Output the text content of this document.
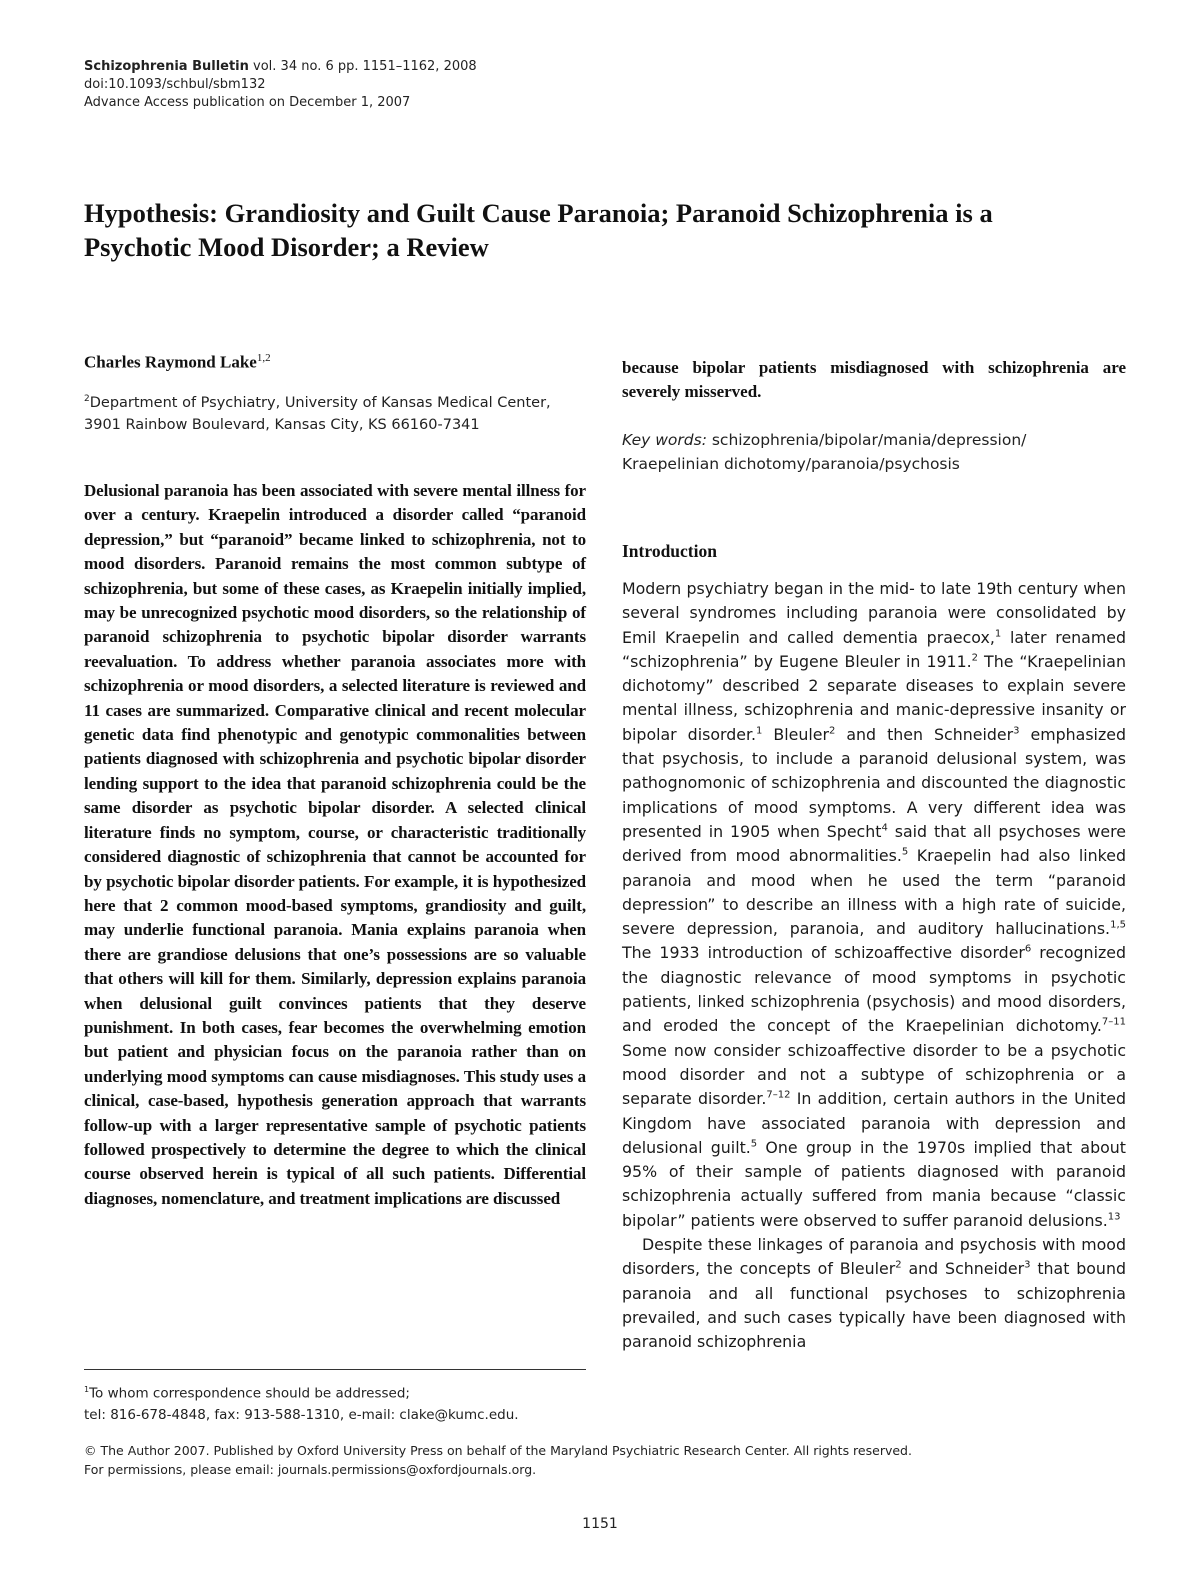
Schizophrenia Bulletin vol. 34 no. 6 pp. 1151–1162, 2008
doi:10.1093/schbul/sbm132
Advance Access publication on December 1, 2007
Hypothesis: Grandiosity and Guilt Cause Paranoia; Paranoid Schizophrenia is a Psychotic Mood Disorder; a Review
Charles Raymond Lake$^{1,2}$
$^2$Department of Psychiatry, University of Kansas Medical Center, 3901 Rainbow Boulevard, Kansas City, KS 66160-7341
Delusional paranoia has been associated with severe mental illness for over a century. Kraepelin introduced a disorder called “paranoid depression,” but “paranoid” became linked to schizophrenia, not to mood disorders. Paranoid remains the most common subtype of schizophrenia, but some of these cases, as Kraepelin initially implied, may be unrecognized psychotic mood disorders, so the relationship of paranoid schizophrenia to psychotic bipolar disorder warrants reevaluation. To address whether paranoia associates more with schizophrenia or mood disorders, a selected literature is reviewed and 11 cases are summarized. Comparative clinical and recent molecular genetic data find phenotypic and genotypic commonalities between patients diagnosed with schizophrenia and psychotic bipolar disorder lending support to the idea that paranoid schizophrenia could be the same disorder as psychotic bipolar disorder. A selected clinical literature finds no symptom, course, or characteristic traditionally considered diagnostic of schizophrenia that cannot be accounted for by psychotic bipolar disorder patients. For example, it is hypothesized here that 2 common mood-based symptoms, grandiosity and guilt, may underlie functional paranoia. Mania explains paranoia when there are grandiose delusions that one’s possessions are so valuable that others will kill for them. Similarly, depression explains paranoia when delusional guilt convinces patients that they deserve punishment. In both cases, fear becomes the overwhelming emotion but patient and physician focus on the paranoia rather than on underlying mood symptoms can cause misdiagnoses. This study uses a clinical, case-based, hypothesis generation approach that warrants follow-up with a larger representative sample of psychotic patients followed prospectively to determine the degree to which the clinical course observed herein is typical of all such patients. Differential diagnoses, nomenclature, and treatment implications are discussed
because bipolar patients misdiagnosed with schizophrenia are severely misserved.
Key words: schizophrenia/bipolar/mania/depression/ Kraepelinian dichotomy/paranoia/psychosis
Introduction

Modern psychiatry began in the mid- to late 19th century when several syndromes including paranoia were consolidated by Emil Kraepelin and called dementia praecox,$^1$ later renamed “schizophrenia” by Eugene Bleuler in 1911.$^2$ The “Kraepelinian dichotomy” described 2 separate diseases to explain severe mental illness, schizophrenia and manic-depressive insanity or bipolar disorder.$^1$ Bleuler$^2$ and then Schneider$^3$ emphasized that psychosis, to include a paranoid delusional system, was pathognomonic of schizophrenia and discounted the diagnostic implications of mood symptoms. A very different idea was presented in 1905 when Specht$^4$ said that all psychoses were derived from mood abnormalities.$^5$ Kraepelin had also linked paranoia and mood when he used the term “paranoid depression” to describe an illness with a high rate of suicide, severe depression, paranoia, and auditory hallucinations.$^{1,5}$ The 1933 introduction of schizoaffective disorder$^6$ recognized the diagnostic relevance of mood symptoms in psychotic patients, linked schizophrenia (psychosis) and mood disorders, and eroded the concept of the Kraepelinian dichotomy.$^{7-11}$ Some now consider schizoaffective disorder to be a psychotic mood disorder and not a subtype of schizophrenia or a separate disorder.$^{7-12}$ In addition, certain authors in the United Kingdom have associated paranoia with depression and delusional guilt.$^5$ One group in the 1970s implied that about 95% of their sample of patients diagnosed with paranoid schizophrenia actually suffered from mania because “classic bipolar” patients were observed to suffer paranoid delusions.$^{13}$

Despite these linkages of paranoia and psychosis with mood disorders, the concepts of Bleuler$^2$ and Schneider$^3$ that bound paranoia and all functional psychoses to schizophrenia prevailed, and such cases typically have been diagnosed with paranoid schizophrenia

$^1$To whom correspondence should be addressed;
tel: 816-678-4848, fax: 913-588-1310, e-mail: clake@kumc.edu.
© The Author 2007. Published by Oxford University Press on behalf of the Maryland Psychiatric Research Center. All rights reserved.
For permissions, please email: journals.permissions@oxfordjournals.org.
1151
